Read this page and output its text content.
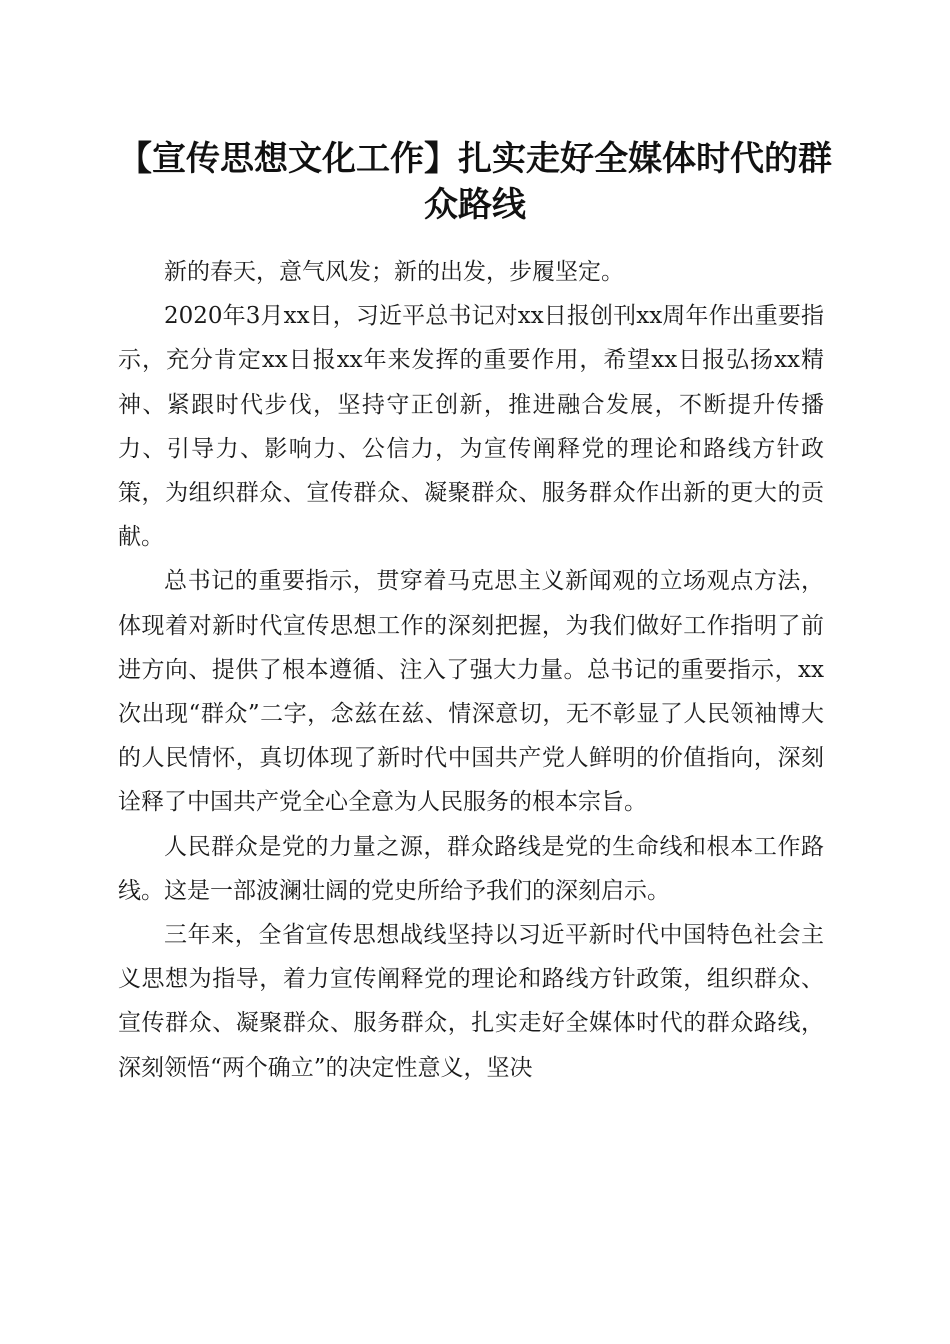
【宣传思想文化工作】扎实走好全媒体时代的群众路线

新的春天，意气风发；新的出发，步履坚定。

2020年3月xx日，习近平总书记对xx日报创刊xx周年作出重要指示，充分肯定xx日报xx年来发挥的重要作用，希望xx日报弘扬xx精神、紧跟时代步伐，坚持守正创新，推进融合发展，不断提升传播力、引导力、影响力、公信力，为宣传阐释党的理论和路线方针政策，为组织群众、宣传群众、凝聚群众、服务群众作出新的更大的贡献。

总书记的重要指示，贯穿着马克思主义新闻观的立场观点方法，体现着对新时代宣传思想工作的深刻把握，为我们做好工作指明了前进方向、提供了根本遵循、注入了强大力量。总书记的重要指示，xx次出现“群众”二字，念兹在兹、情深意切，无不彰显了人民领袖博大的人民情怀，真切体现了新时代中国共产党人鲜明的价值指向，深刻诠释了中国共产党全心全意为人民服务的根本宗旨。

人民群众是党的力量之源，群众路线是党的生命线和根本工作路线。这是一部波澜壮阔的党史所给予我们的深刻启示。

三年来，全省宣传思想战线坚持以习近平新时代中国特色社会主义思想为指导，着力宣传阐释党的理论和路线方针政策，组织群众、宣传群众、凝聚群众、服务群众，扎实走好全媒体时代的群众路线，深刻领悟“两个确立”的决定性意义，坚决
